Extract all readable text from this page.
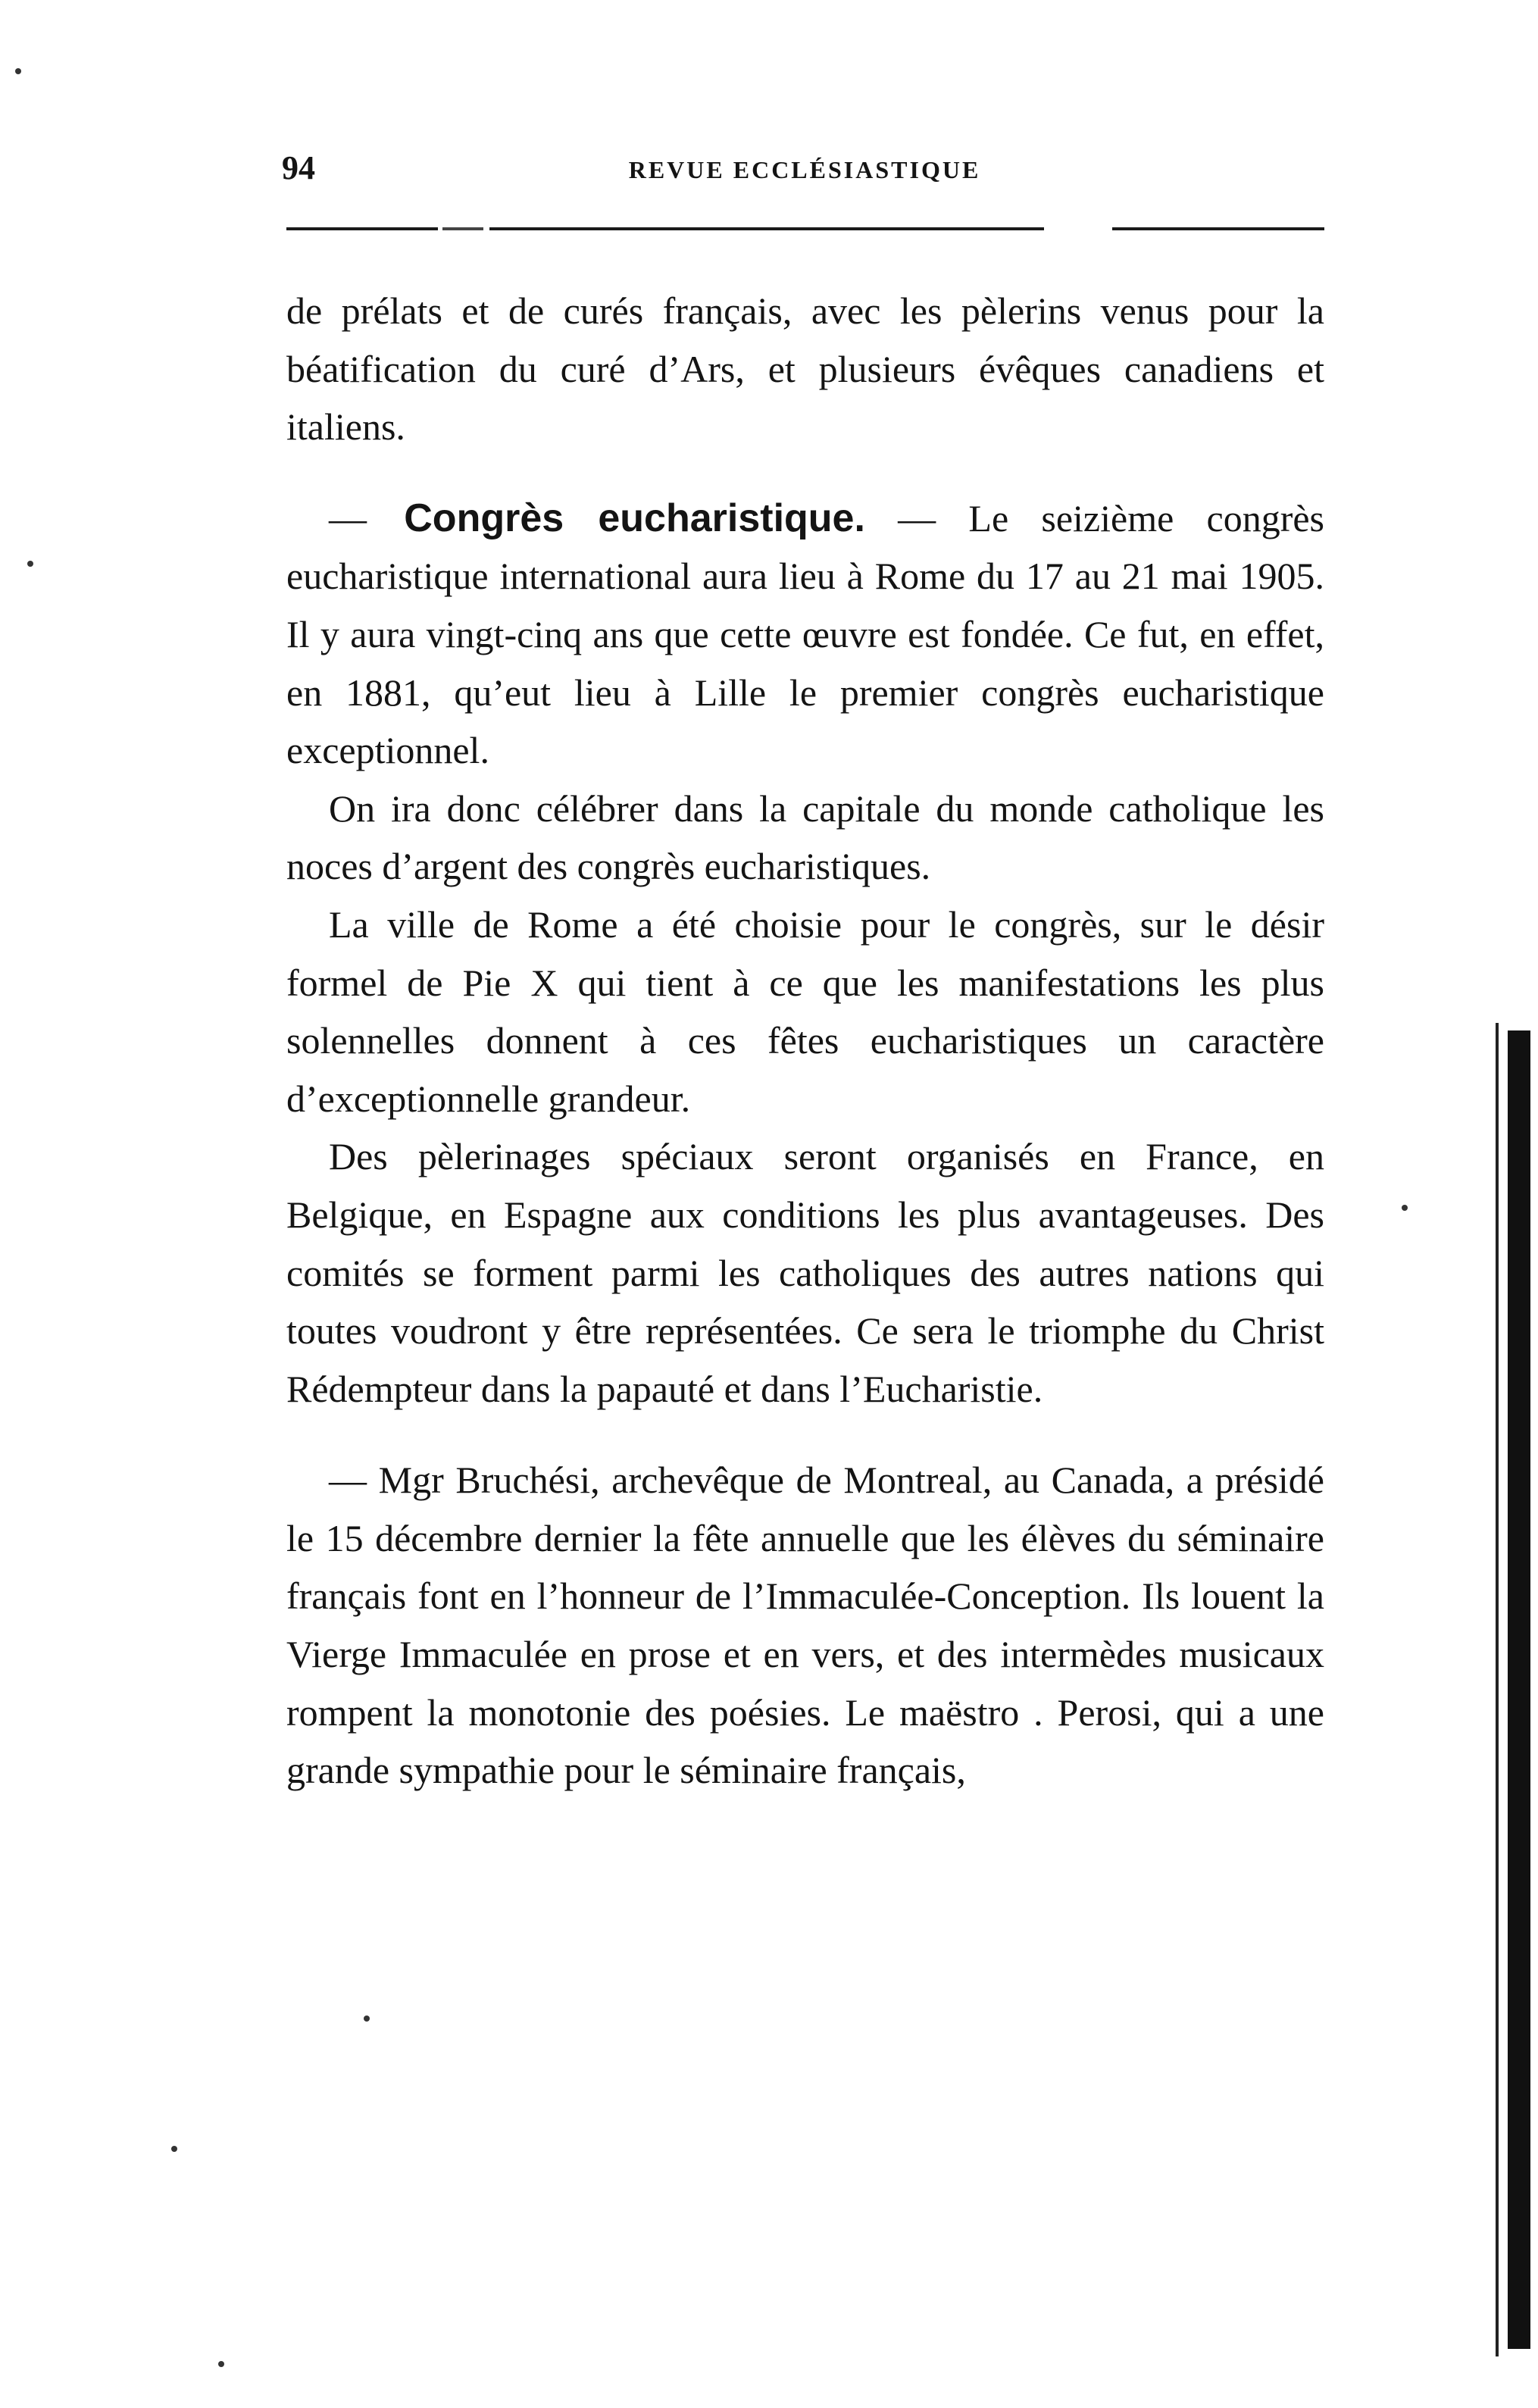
94	REVUE ECCLÉSIASTIQUE

de prélats et de curés français, avec les pèlerins venus pour la béatification du curé d’Ars, et plusieurs évêques canadiens et italiens.

— Congrès eucharistique. — Le seizième congrès eucharistique international aura lieu à Rome du 17 au 21 mai 1905. Il y aura vingt-cinq ans que cette œuvre est fondée. Ce fut, en effet, en 1881, qu’eut lieu à Lille le premier congrès eucharistique exceptionnel.

On ira donc célébrer dans la capitale du monde catholique les noces d’argent des congrès eucharistiques.

La ville de Rome a été choisie pour le congrès, sur le désir formel de Pie X qui tient à ce que les manifestations les plus solennelles donnent à ces fêtes eucharistiques un caractère d’exceptionnelle grandeur.

Des pèlerinages spéciaux seront organisés en France, en Belgique, en Espagne aux conditions les plus avantageuses. Des comités se forment parmi les catholiques des autres nations qui toutes voudront y être représentées. Ce sera le triomphe du Christ Rédempteur dans la papauté et dans l’Eucharistie.

— Mgr Bruchési, archevêque de Montreal, au Canada, a présidé le 15 décembre dernier la fête annuelle que les élèves du séminaire français font en l’honneur de l’Immaculée-Conception. Ils louent la Vierge Immaculée en prose et en vers, et des intermèdes musicaux rompent la monotonie des poésies. Le maëstro . Perosi, qui a une grande sympathie pour le séminaire français,
